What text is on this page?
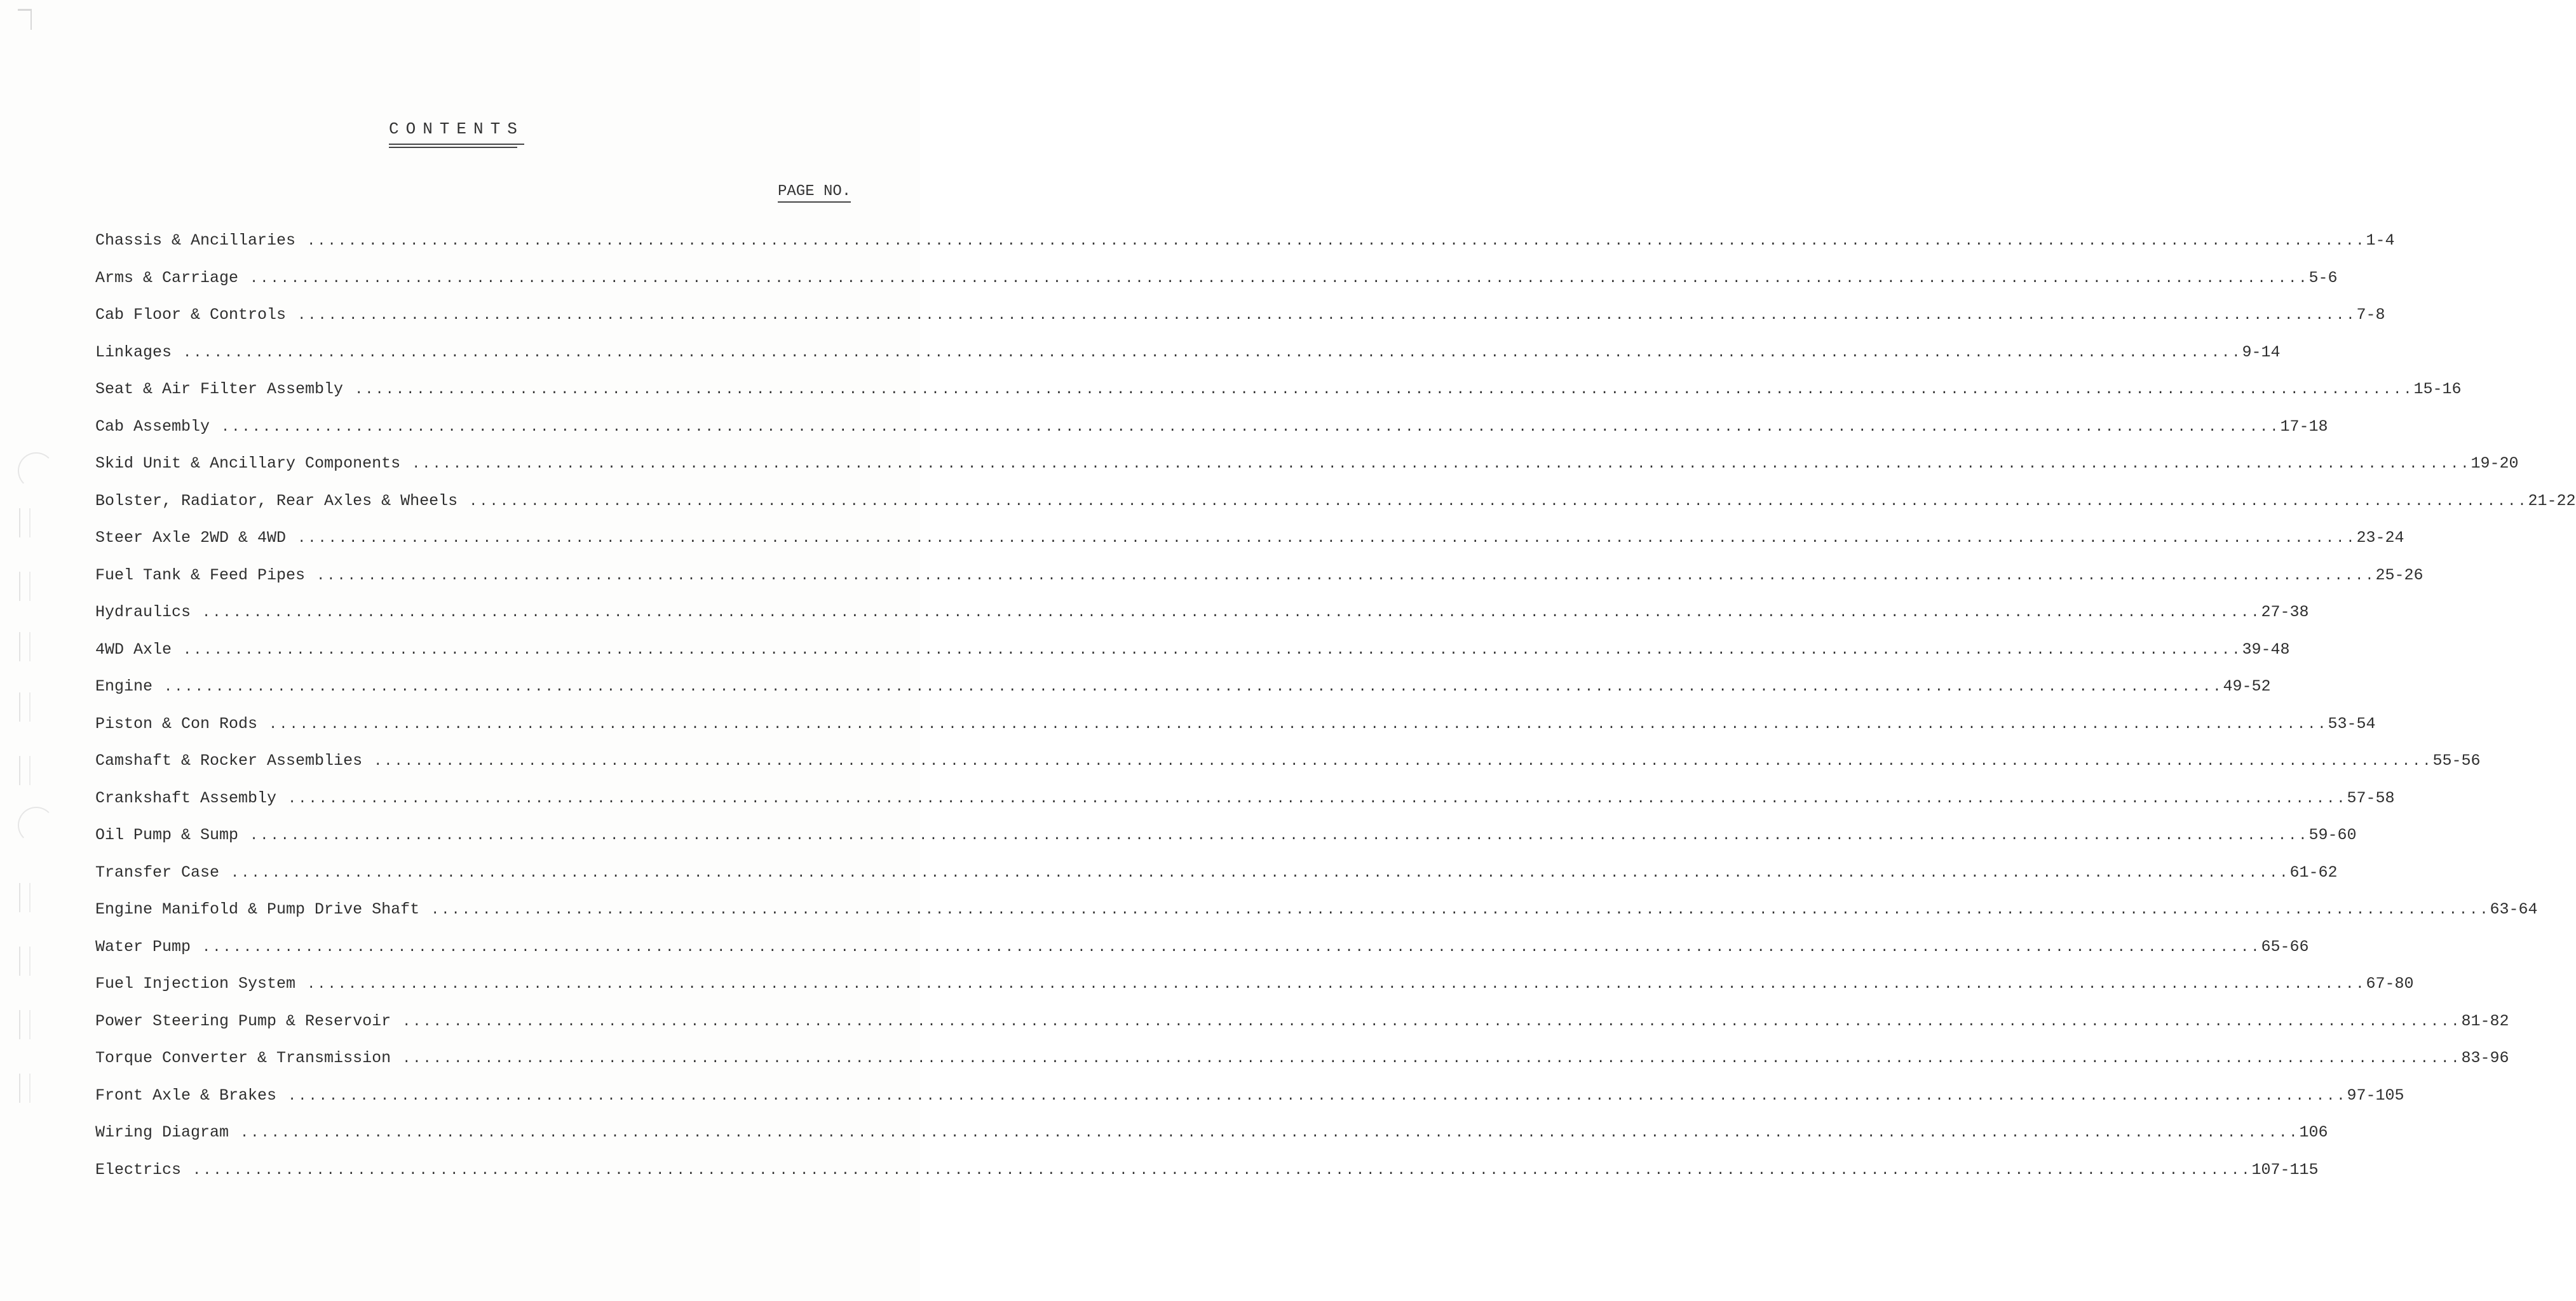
CONTENTS
PAGE NO.
Chassis & Ancillaries ........................................................................................................................................................................................................ 1-4
Arms & Carriage ........................................................................................................................................................................................................ 5-6
Cab Floor & Controls ........................................................................................................................................................................................................ 7-8
Linkages ........................................................................................................................................................................................................ 9-14
Seat & Air Filter Assembly ........................................................................................................................................................................................................ 15-16
Cab Assembly ........................................................................................................................................................................................................ 17-18
Skid Unit & Ancillary Components ........................................................................................................................................................................................................ 19-20
Bolster, Radiator, Rear Axles & Wheels ........................................................................................................................................................................................................ 21-22
Steer Axle 2WD & 4WD ........................................................................................................................................................................................................ 23-24
Fuel Tank & Feed Pipes ........................................................................................................................................................................................................ 25-26
Hydraulics ........................................................................................................................................................................................................ 27-38
4WD Axle ........................................................................................................................................................................................................ 39-48
Engine ........................................................................................................................................................................................................ 49-52
Piston & Con Rods ........................................................................................................................................................................................................ 53-54
Camshaft & Rocker Assemblies ........................................................................................................................................................................................................ 55-56
Crankshaft Assembly ........................................................................................................................................................................................................ 57-58
Oil Pump & Sump ........................................................................................................................................................................................................ 59-60
Transfer Case ........................................................................................................................................................................................................ 61-62
Engine Manifold & Pump Drive Shaft ........................................................................................................................................................................................................ 63-64
Water Pump ........................................................................................................................................................................................................ 65-66
Fuel Injection System ........................................................................................................................................................................................................ 67-80
Power Steering Pump & Reservoir ........................................................................................................................................................................................................ 81-82
Torque Converter & Transmission ........................................................................................................................................................................................................ 83-96
Front Axle & Brakes ........................................................................................................................................................................................................ 97-105
Wiring Diagram ........................................................................................................................................................................................................ 106
Electrics ........................................................................................................................................................................................................ 107-115
